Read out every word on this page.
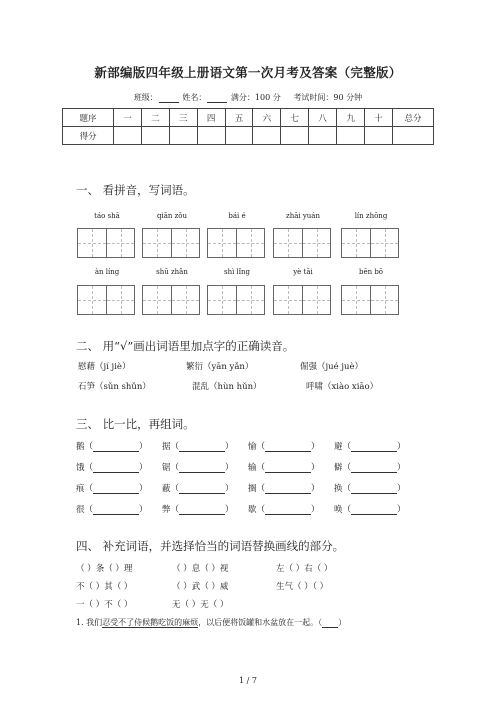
新部编版四年级上册语文第一次月考及答案（完整版）
班级：	姓名：	满分：100 分 考试时间：90 分钟
题序	一	二	三	四	五	六	七	八	九	十	总分
得分											
一、 看拼音，写词语。
táo shā	qiān zǒu	bái é	zhāi yuán	lín zhōng
àn líng	shū zhǎn	shì lǐng	yè tāi	bēn bō
二、 用“√”画出词语里加点字的正确读音。
慰藉（jí jiè）	繁衍（yān yǎn）	倔强（jué juè）
石笋（sǔn shǔn）	混乱（hùn hǔn）	呼啸（xiào xiāo）
三、 比一比，再组词。
鹅（	） 据（	） 愉（	） 避（	）
饿（	） 锯（	） 输（	） 僻（	）
痕（	） 蔽（	） 搁（	） 换（	）
很（	） 弊（	） 歇（	） 唤（	）
四、 补充词语，并选择恰当的词语替换画线的部分。
（ ）条（ ）理	（ ）息（ ）视	左（ ）右（ ）
不（ ）其（ ）	（ ）武（ ）威	生气（ ）（ ）
一（ ）不（ ）	无（ ）无（ ）
1. 我们忍受不了侍候鹅吃饭的麻烦，以后便将饭罐和水盆放在一起。（ ）
1 / 7
